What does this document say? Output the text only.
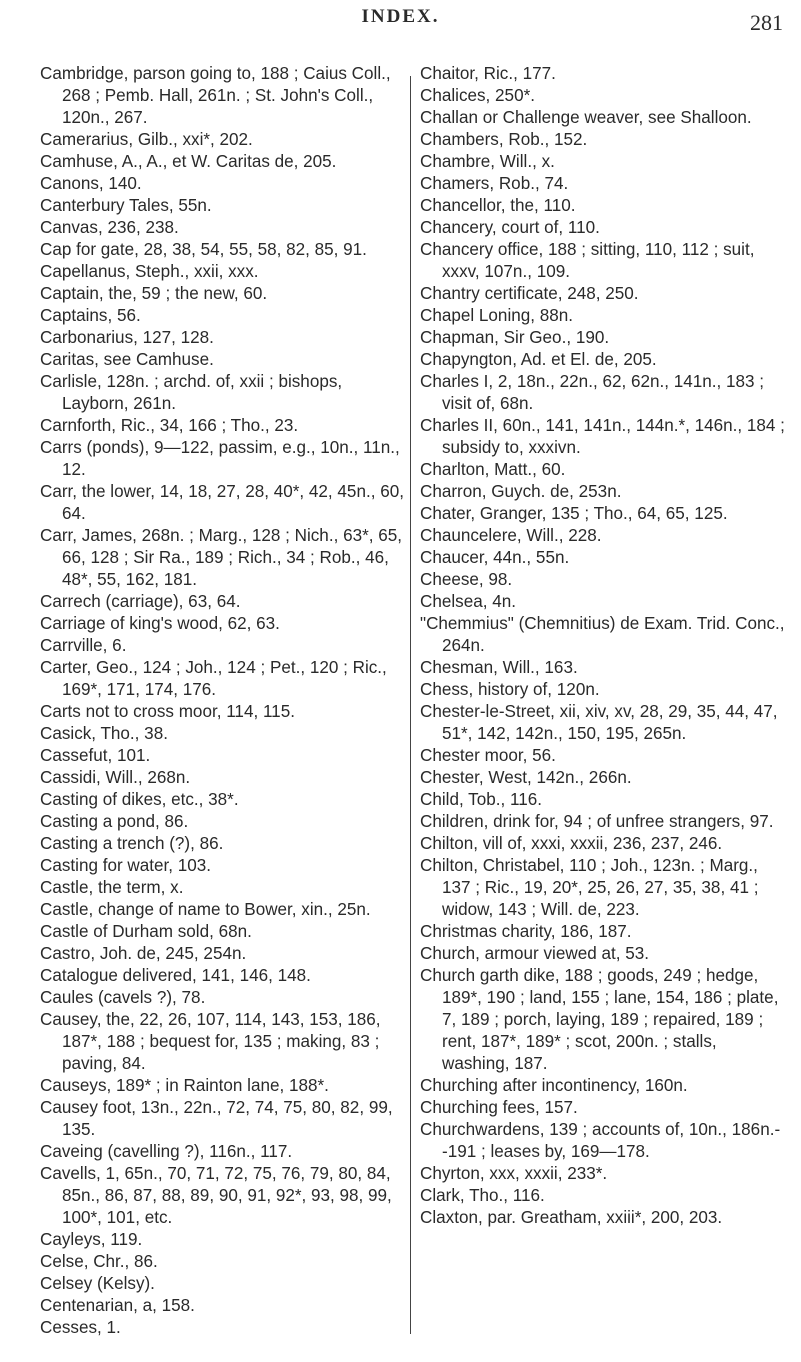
INDEX.	281

Cambridge, parson going to, 188 ; Caius Coll., 268 ; Pemb. Hall, 261n. ; St. John's Coll., 120n., 267.

Camerarius, Gilb., xxi*, 202.

Camhuse, A., A., et W. Caritas de, 205.

Canons, 140.

Canterbury Tales, 55n.

Canvas, 236, 238.

Cap for gate, 28, 38, 54, 55, 58, 82, 85, 91.

Capellanus, Steph., xxii, xxx.

Captain, the, 59 ; the new, 60.

Captains, 56.

Carbonarius, 127, 128.

Caritas, see Camhuse.

Carlisle, 128n. ; archd. of, xxii ; bishops, Layborn, 261n.

Carnforth, Ric., 34, 166 ; Tho., 23.

Carrs (ponds), 9—122, passim, e.g., 10n., 11n., 12.

Carr, the lower, 14, 18, 27, 28, 40*, 42, 45n., 60, 64.

Carr, James, 268n. ; Marg., 128 ; Nich., 63*, 65, 66, 128 ; Sir Ra., 189 ; Rich., 34 ; Rob., 46, 48*, 55, 162, 181.

Carrech (carriage), 63, 64.

Carriage of king's wood, 62, 63.

Carrville, 6.

Carter, Geo., 124 ; Joh., 124 ; Pet., 120 ; Ric., 169*, 171, 174, 176.

Carts not to cross moor, 114, 115.

Casick, Tho., 38.

Cassefut, 101.

Cassidi, Will., 268n.

Casting of dikes, etc., 38*.

Casting a pond, 86.

Casting a trench (?), 86.

Casting for water, 103.

Castle, the term, x.

Castle, change of name to Bower, xin., 25n.

Castle of Durham sold, 68n.

Castro, Joh. de, 245, 254n.

Catalogue delivered, 141, 146, 148.

Caules (cavels ?), 78.

Causey, the, 22, 26, 107, 114, 143, 153, 186, 187*, 188 ; bequest for, 135 ; making, 83 ; paving, 84.

Causeys, 189* ; in Rainton lane, 188*.

Causey foot, 13n., 22n., 72, 74, 75, 80, 82, 99, 135.

Caveing (cavelling ?), 116n., 117.

Cavells, 1, 65n., 70, 71, 72, 75, 76, 79, 80, 84, 85n., 86, 87, 88, 89, 90, 91, 92*, 93, 98, 99, 100*, 101, etc.

Cayleys, 119.

Celse, Chr., 86.

Celsey (Kelsy).

Centenarian, a, 158.

Cesses, 1.

Chaitor, Ric., 177.

Chalices, 250*.

Challan or Challenge weaver, see Shalloon.

Chambers, Rob., 152.

Chambre, Will., x.

Chamers, Rob., 74.

Chancellor, the, 110.

Chancery, court of, 110.

Chancery office, 188 ; sitting, 110, 112 ; suit, xxxv, 107n., 109.

Chantry certificate, 248, 250.

Chapel Loning, 88n.

Chapman, Sir Geo., 190.

Chapyngton, Ad. et El. de, 205.

Charles I, 2, 18n., 22n., 62, 62n., 141n., 183 ; visit of, 68n.

Charles II, 60n., 141, 141n., 144n.*, 146n., 184 ; subsidy to, xxxivn.

Charlton, Matt., 60.

Charron, Guych. de, 253n.

Chater, Granger, 135 ; Tho., 64, 65, 125.

Chauncelere, Will., 228.

Chaucer, 44n., 55n.

Cheese, 98.

Chelsea, 4n.

"Chemmius" (Chemnitius) de Exam. Trid. Conc., 264n.

Chesman, Will., 163.

Chess, history of, 120n.

Chester-le-Street, xii, xiv, xv, 28, 29, 35, 44, 47, 51*, 142, 142n., 150, 195, 265n.

Chester moor, 56.

Chester, West, 142n., 266n.

Child, Tob., 116.

Children, drink for, 94 ; of unfree strangers, 97.

Chilton, vill of, xxxi, xxxii, 236, 237, 246.

Chilton, Christabel, 110 ; Joh., 123n. ; Marg., 137 ; Ric., 19, 20*, 25, 26, 27, 35, 38, 41 ; widow, 143 ; Will. de, 223.

Christmas charity, 186, 187.

Church, armour viewed at, 53.

Church garth dike, 188 ; goods, 249 ; hedge, 189*, 190 ; land, 155 ; lane, 154, 186 ; plate, 7, 189 ; porch, laying, 189 ; repaired, 189 ; rent, 187*, 189* ; scot, 200n. ; stalls, washing, 187.

Churching after incontinency, 160n.

Churching fees, 157.

Churchwardens, 139 ; accounts of, 10n., 186n.--191 ; leases by, 169—178.

Chyrton, xxx, xxxii, 233*.

Clark, Tho., 116.

Claxton, par. Greatham, xxiii*, 200, 203.
